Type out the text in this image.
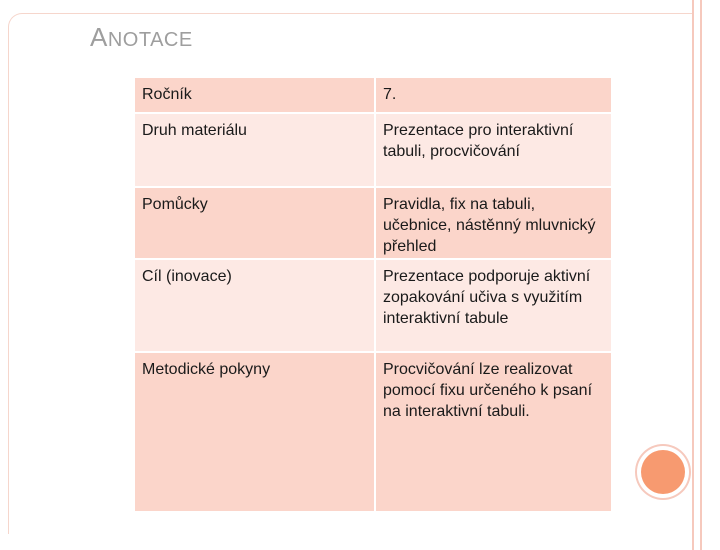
ANOTACE
Ročník	7.
Druh materiálu	Prezentace pro interaktivní tabuli, procvičování
Pomůcky	Pravidla, fix na tabuli, učebnice, nástěnný mluvnický přehled
Cíl (inovace)	Prezentace podporuje aktivní zopakování učiva s využitím interaktivní tabule
Metodické pokyny	Procvičování lze realizovat pomocí fixu určeného k psaní na interaktivní tabuli.
